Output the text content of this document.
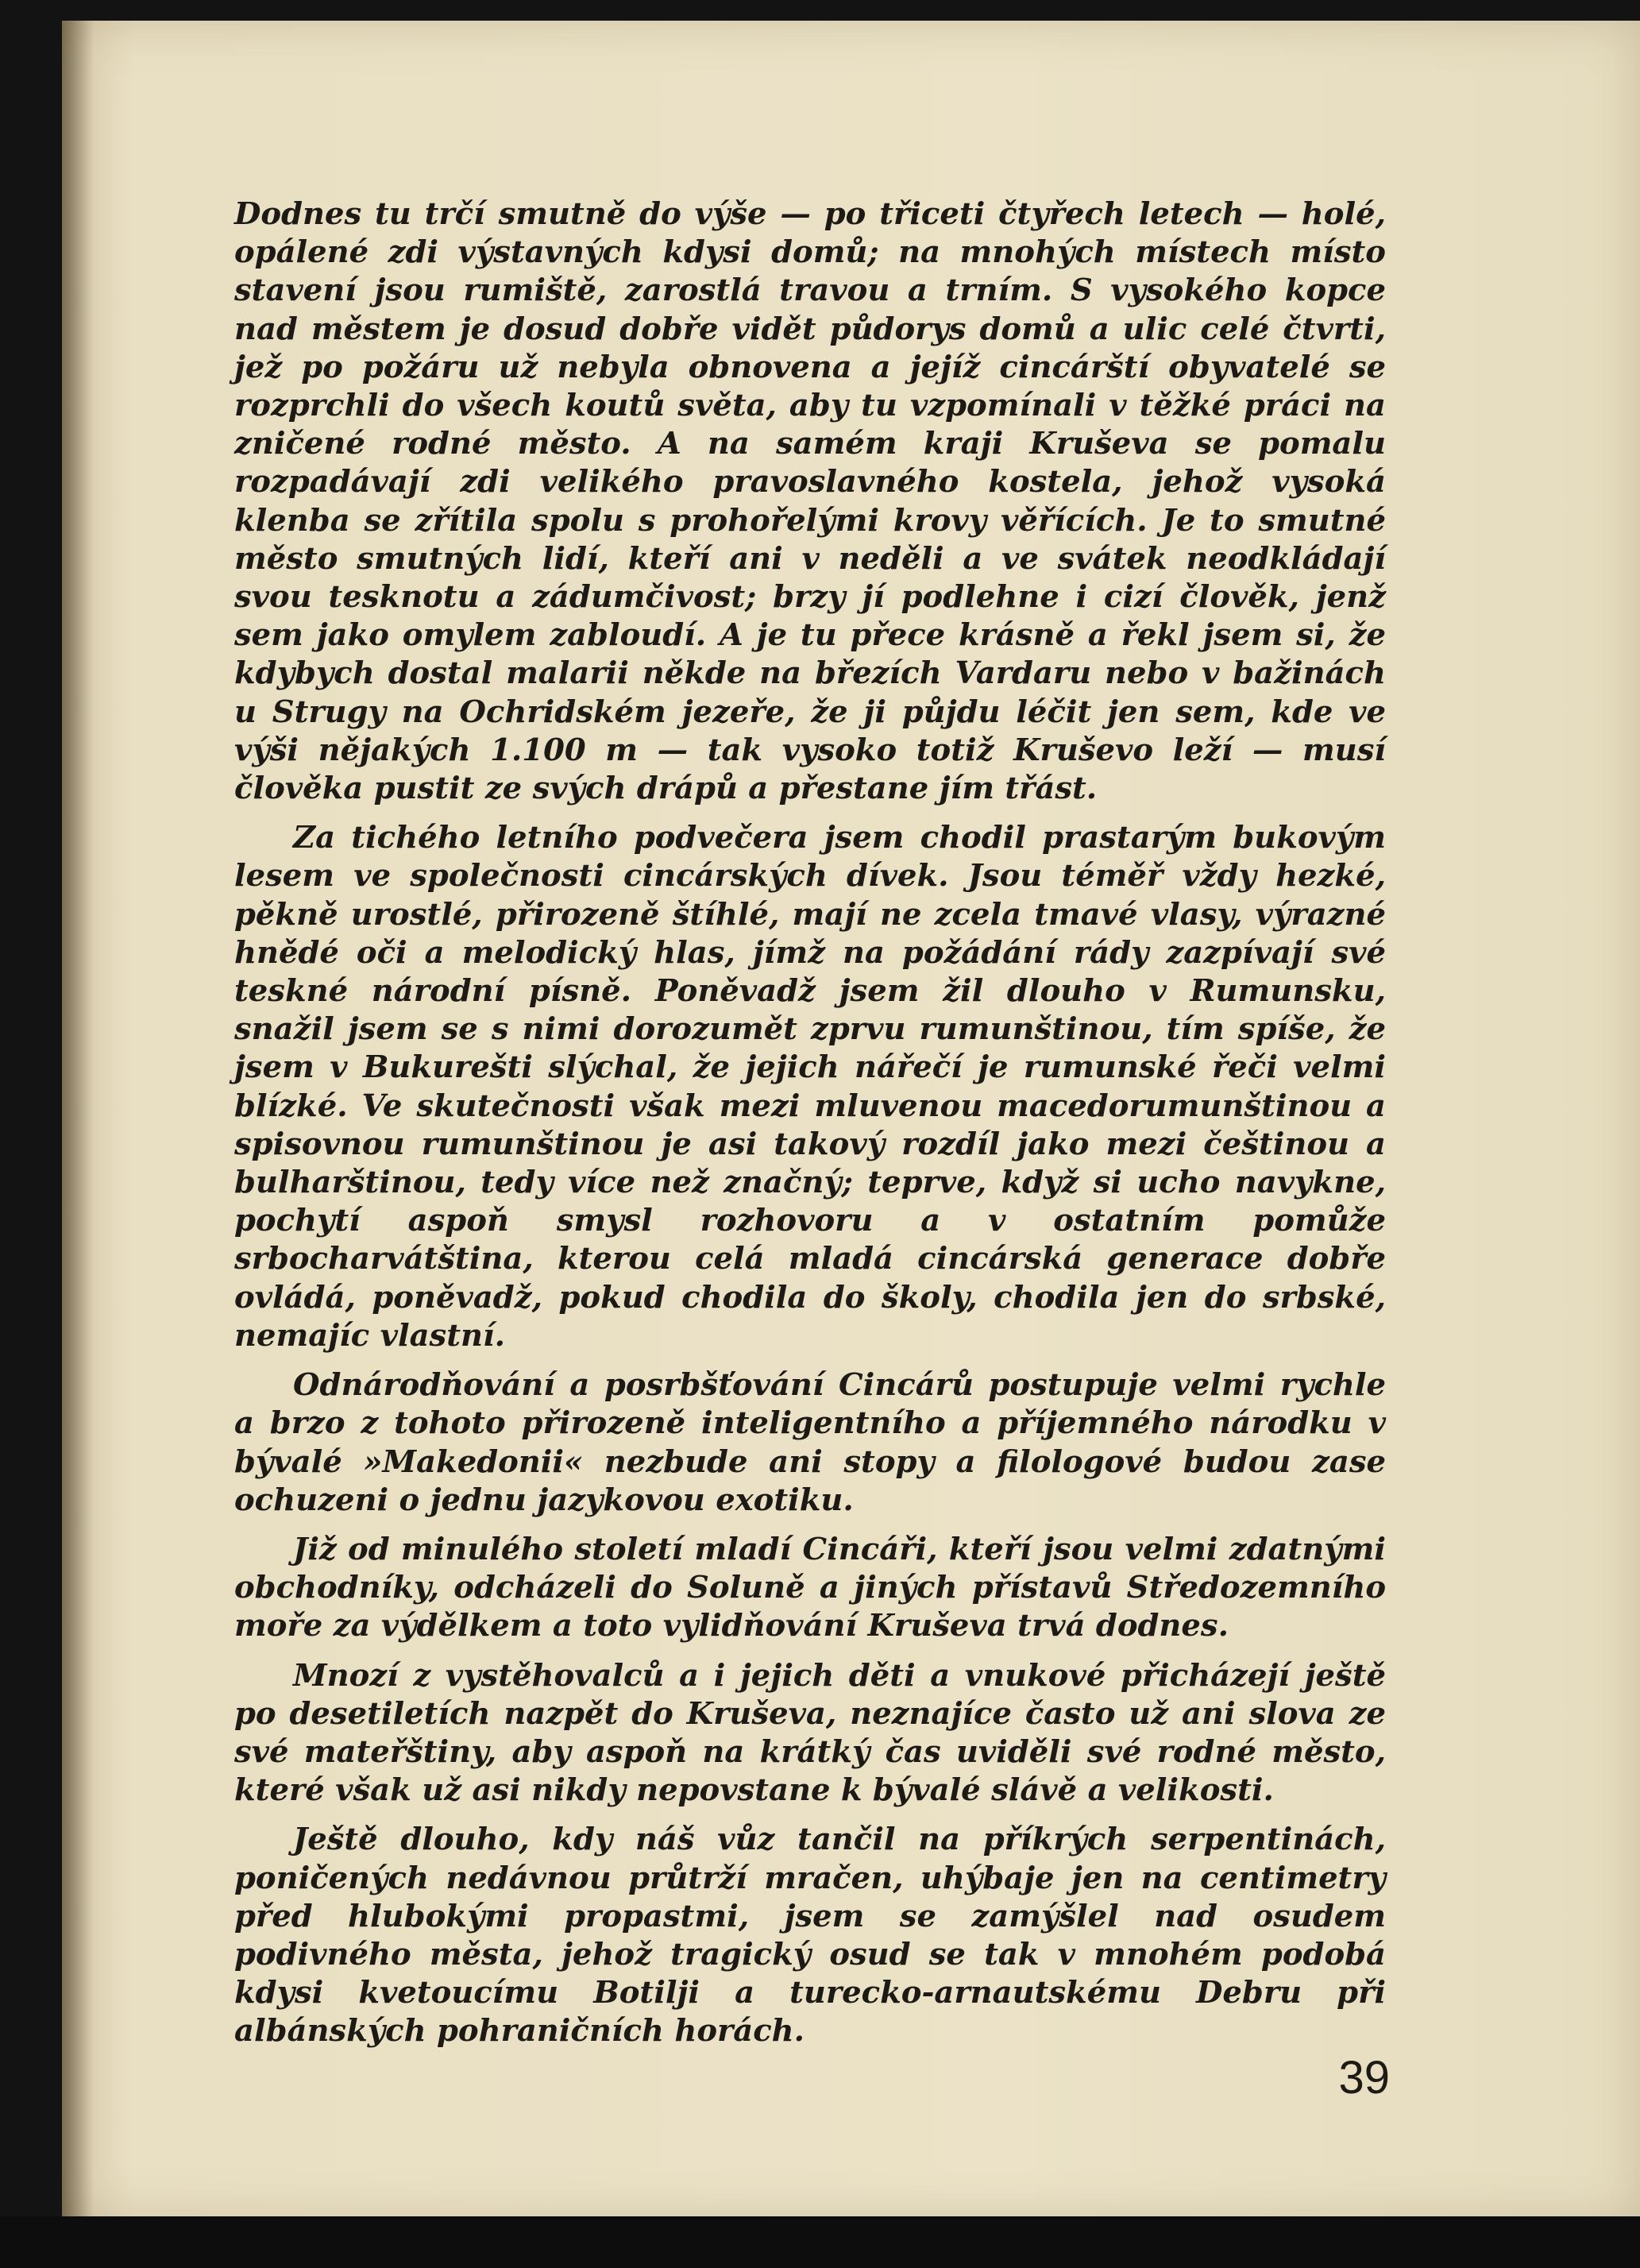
Dodnes tu trčí smutně do výše — po třiceti čtyřech letech — holé, opálené zdi výstavných kdysi domů; na mnohých místech místo stavení jsou rumiště, zarostlá travou a trním. S vysokého kopce nad městem je dosud dobře vidět půdorys domů a ulic celé čtvrti, jež po požáru už nebyla obnovena a jejíž cincárští obyvatelé se rozprchli do všech koutů světa, aby tu vzpomínali v těžké práci na zničené rodné město. A na samém kraji Kruševa se pomalu rozpadávají zdi velikého pravoslavného kostela, jehož vysoká klenba se zřítila spolu s prohořelými krovy věřících. Je to smutné město smutných lidí, kteří ani v neděli a ve svátek neodkládají svou tesknotu a zádumčivost; brzy jí podlehne i cizí člověk, jenž sem jako omylem zabloudí. A je tu přece krásně a řekl jsem si, že kdybych dostal malarii někde na březích Vardaru nebo v bažinách u Strugy na Ochridském jezeře, že ji půjdu léčit jen sem, kde ve výši nějakých 1.100 m — tak vysoko totiž Kruševo leží — musí člověka pustit ze svých drápů a přestane jím třást.

Za tichého letního podvečera jsem chodil prastarým bukovým lesem ve společnosti cincárských dívek. Jsou téměř vždy hezké, pěkně urostlé, přirozeně štíhlé, mají ne zcela tmavé vlasy, výrazné hnědé oči a melodický hlas, jímž na požádání rády zazpívají své teskné národní písně. Poněvadž jsem žil dlouho v Rumunsku, snažil jsem se s nimi dorozumět zprvu rumunštinou, tím spíše, že jsem v Bukurešti slýchal, že jejich nářečí je rumunské řeči velmi blízké. Ve skutečnosti však mezi mluvenou macedorumunštinou a spisovnou rumunštinou je asi takový rozdíl jako mezi češtinou a bulharštinou, tedy více než značný; teprve, když si ucho navykne, pochytí aspoň smysl rozhovoru a v ostatním pomůže srbocharvátština, kterou celá mladá cincárská generace dobře ovládá, poněvadž, pokud chodila do školy, chodila jen do srbské, nemajíc vlastní.

Odnárodňování a posrbšťování Cincárů postupuje velmi rychle a brzo z tohoto přirozeně inteligentního a příjemného národku v bývalé »Makedonii« nezbude ani stopy a filologové budou zase ochuzeni o jednu jazykovou exotiku.

Již od minulého století mladí Cincáři, kteří jsou velmi zdatnými obchodníky, odcházeli do Soluně a jiných přístavů Středozemního moře za výdělkem a toto vylidňování Kruševa trvá dodnes.

Mnozí z vystěhovalců a i jejich děti a vnukové přicházejí ještě po desetiletích nazpět do Kruševa, neznajíce často už ani slova ze své mateřštiny, aby aspoň na krátký čas uviděli své rodné město, které však už asi nikdy nepovstane k bývalé slávě a velikosti.

Ještě dlouho, kdy náš vůz tančil na příkrých serpentinách, poničených nedávnou průtrží mračen, uhýbaje jen na centimetry před hlubokými propastmi, jsem se zamýšlel nad osudem podivného města, jehož tragický osud se tak v mnohém podobá kdysi kvetoucímu Botilji a turecko-arnautskému Debru při albánských pohraničních horách.

39
